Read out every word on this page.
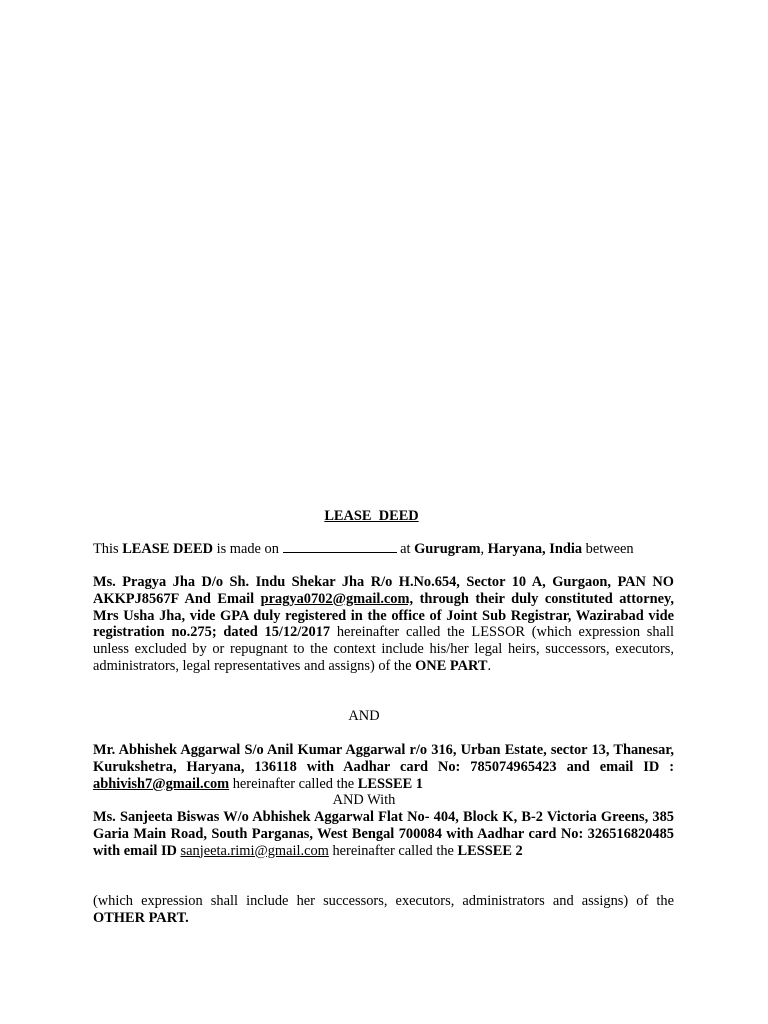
LEASE  DEED
This LEASE DEED is made on	at Gurugram, Haryana, India between
Ms. Pragya Jha D/o Sh. Indu Shekar Jha R/o H.No.654, Sector 10 A, Gurgaon, PAN NO AKKPJ8567F And Email pragya0702@gmail.com, through their duly constituted attorney, Mrs Usha Jha, vide GPA duly registered in the office of Joint Sub Registrar, Wazirabad vide registration no.275; dated 15/12/2017 hereinafter called the LESSOR (which expression shall unless excluded by or repugnant to the context include his/her legal heirs, successors, executors, administrators, legal representatives and assigns) of the ONE PART.
AND
Mr. Abhishek Aggarwal S/o Anil Kumar Aggarwal r/o 316, Urban Estate, sector 13, Thanesar, Kurukshetra, Haryana, 136118 with Aadhar card No: 785074965423 and email ID : abhivish7@gmail.com hereinafter called the LESSEE 1
AND With
Ms. Sanjeeta Biswas W/o Abhishek Aggarwal Flat No- 404, Block K, B-2 Victoria Greens, 385 Garia Main Road, South Parganas, West Bengal 700084 with Aadhar card No: 326516820485 with email ID sanjeeta.rimi@gmail.com hereinafter called the LESSEE 2
(which expression shall include her successors, executors, administrators and assigns) of the OTHER PART.
